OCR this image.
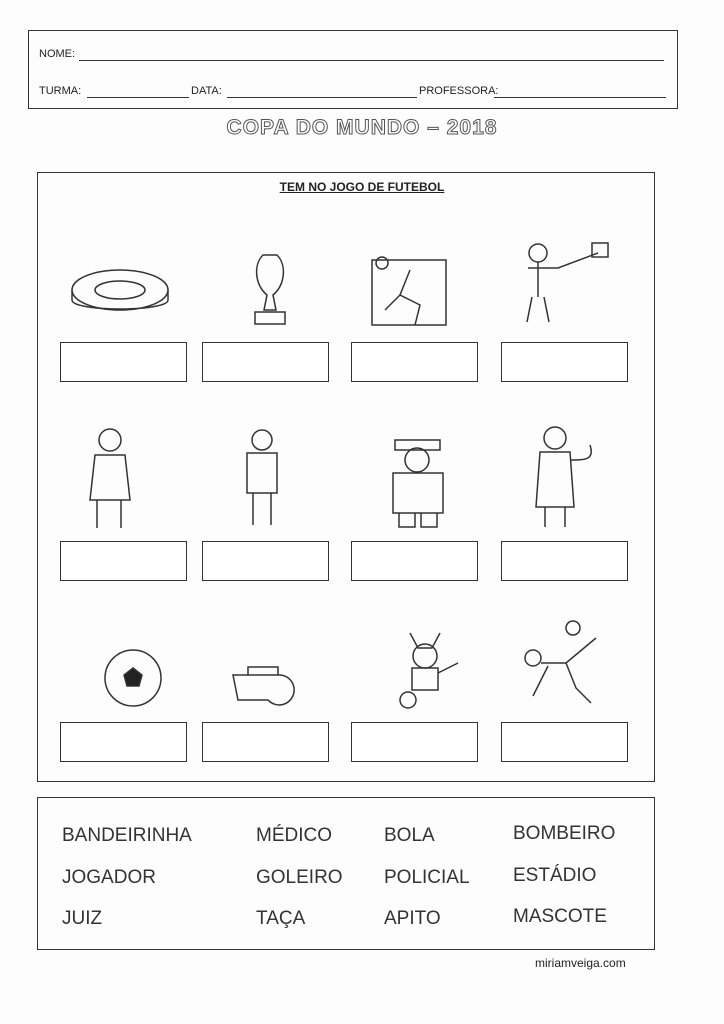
NOME:
TURMA:	DATA:	PROFESSORA:
COPA DO MUNDO – 2018
TEM NO JOGO DE FUTEBOL
BANDEIRINHA	MÉDICO	BOLA	BOMBEIRO
JOGADOR	GOLEIRO POLICIAL ESTÁDIO
JUIZ	TAÇA	APITO	MASCOTE
miriamveiga.com
